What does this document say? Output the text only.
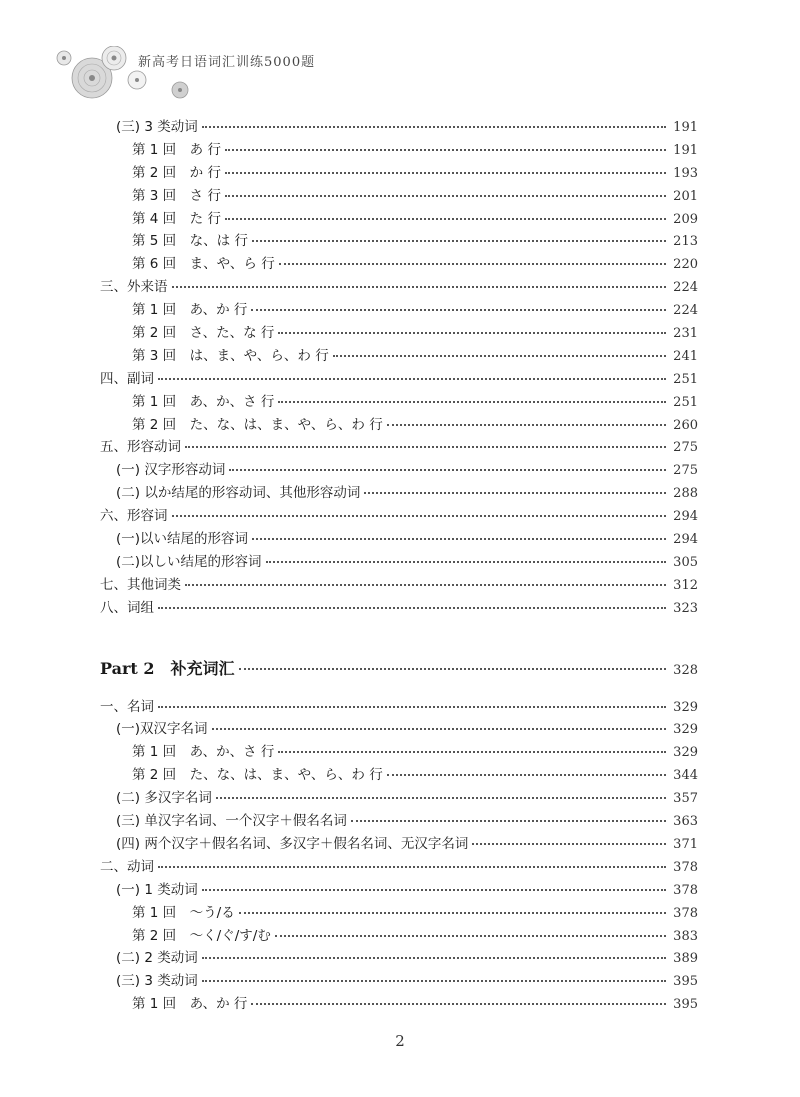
新高考日语词汇训练5000题
(三) 3 类动词	191
第 1 回　あ 行	191
第 2 回　か 行	193
第 3 回　さ 行	201
第 4 回　た 行	209
第 5 回　な、は 行	213
第 6 回　ま、や、ら 行	220
三、外来语	224
第 1 回　あ、か 行	224
第 2 回　さ、た、な 行	231
第 3 回　は、ま、や、ら、わ 行	241
四、副词	251
第 1 回　あ、か、さ 行	251
第 2 回　た、な、は、ま、や、ら、わ 行	260
五、形容动词	275
(一) 汉字形容动词	275
(二) 以か结尾的形容动词、其他形容动词	288
六、形容词	294
(一)以い结尾的形容词	294
(二)以しい结尾的形容词	305
七、其他词类	312
八、词组	323
Part 2　补充词汇	328
一、名词	329
(一)双汉字名词	329
第 1 回　あ、か、さ 行	329
第 2 回　た、な、は、ま、や、ら、わ 行	344
(二) 多汉字名词	357
(三) 单汉字名词、一个汉字＋假名名词	363
(四) 两个汉字＋假名名词、多汉字＋假名名词、无汉字名词	371
二、动词	378
(一) 1 类动词	378
第 1 回　～う/る	378
第 2 回　～く/ぐ/す/む	383
(二) 2 类动词	389
(三) 3 类动词	395
第 1 回　あ、か 行	395
2
